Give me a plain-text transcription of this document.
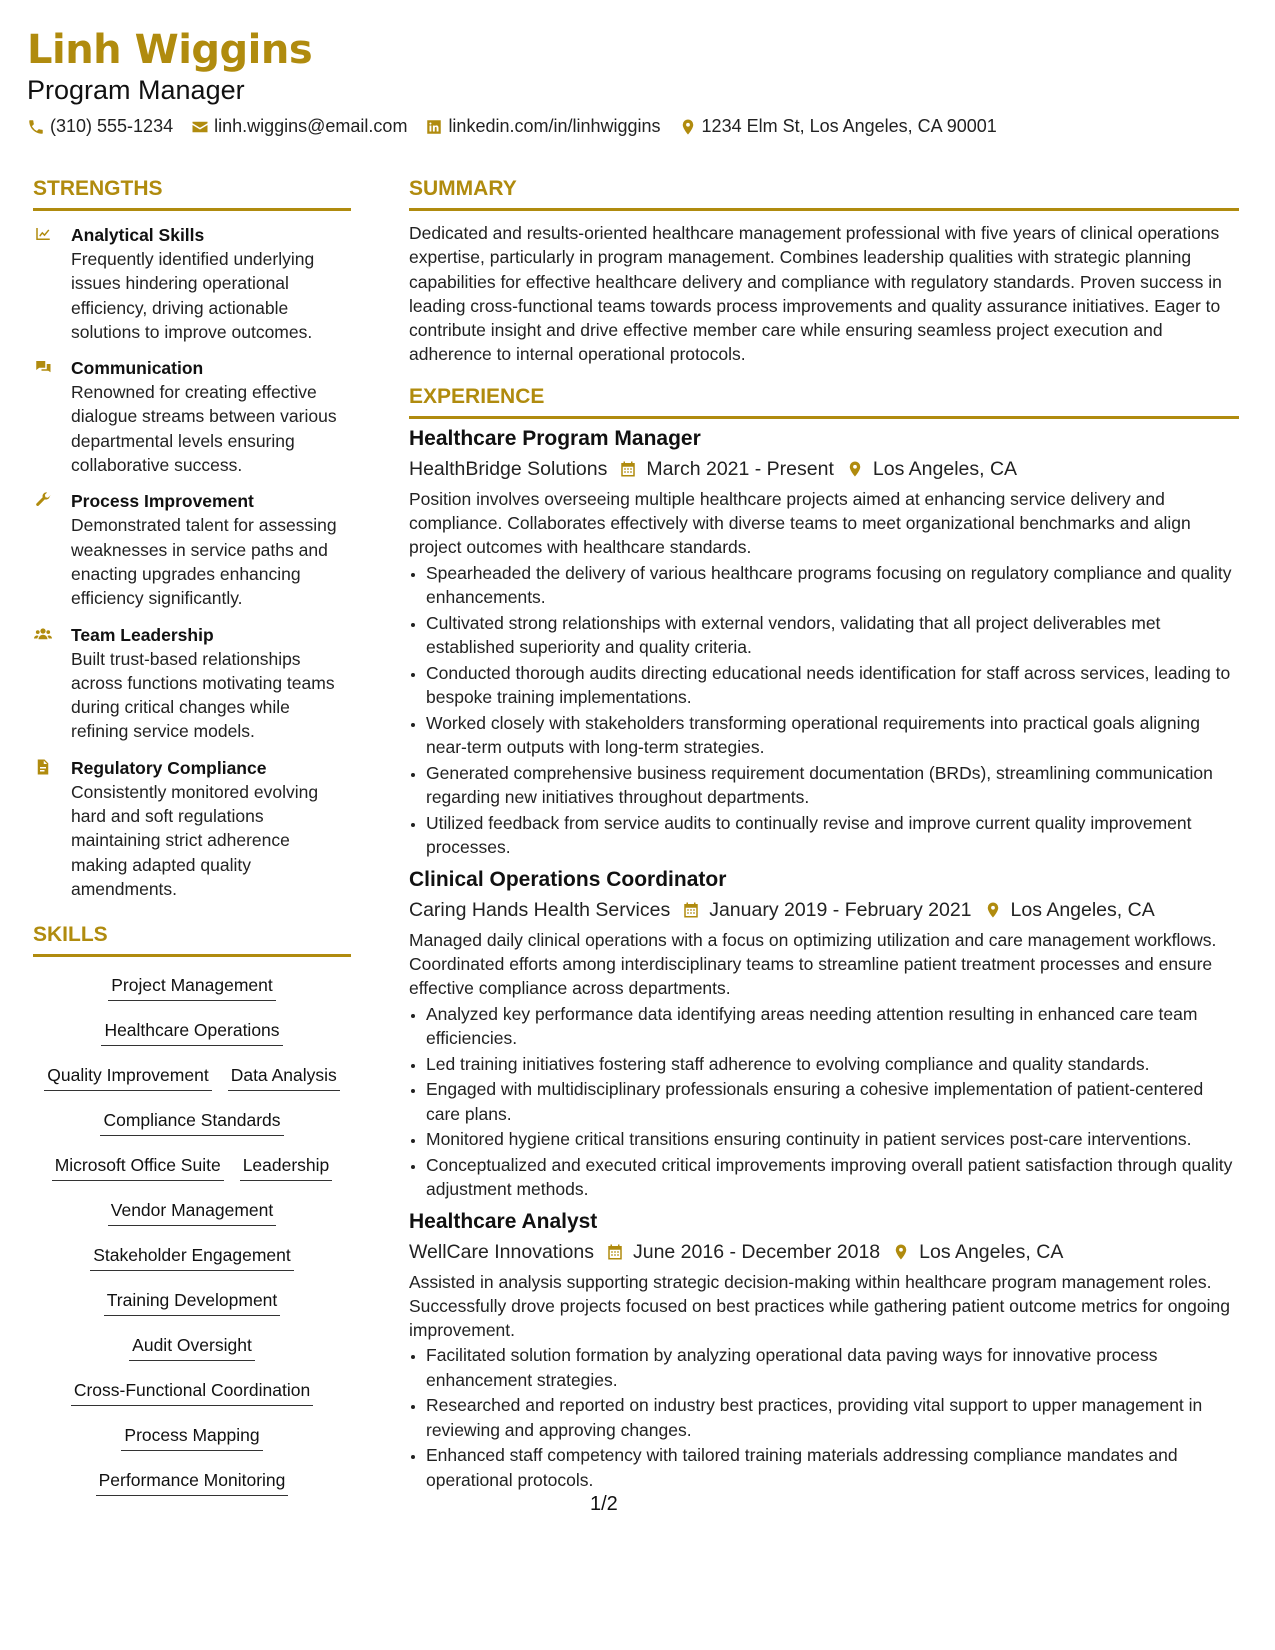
Linh Wiggins
Program Manager
(310) 555-1234 linh.wiggins@email.com linkedin.com/in/linhwiggins 1234 Elm St, Los Angeles, CA 90001
STRENGTHS
Analytical Skills
Frequently identified underlying issues hindering operational efficiency, driving actionable solutions to improve outcomes.
Communication
Renowned for creating effective dialogue streams between various departmental levels ensuring collaborative success.
Process Improvement
Demonstrated talent for assessing weaknesses in service paths and enacting upgrades enhancing efficiency significantly.
Team Leadership
Built trust-based relationships across functions motivating teams during critical changes while refining service models.
Regulatory Compliance
Consistently monitored evolving hard and soft regulations maintaining strict adherence making adapted quality amendments.
SKILLS
Project Management
Healthcare Operations
Quality Improvement Data Analysis
Compliance Standards
Microsoft Office Suite Leadership
Vendor Management
Stakeholder Engagement
Training Development
Audit Oversight
Cross-Functional Coordination
Process Mapping
Performance Monitoring
SUMMARY
Dedicated and results-oriented healthcare management professional with five years of clinical operations expertise, particularly in program management. Combines leadership qualities with strategic planning capabilities for effective healthcare delivery and compliance with regulatory standards. Proven success in leading cross-functional teams towards process improvements and quality assurance initiatives. Eager to contribute insight and drive effective member care while ensuring seamless project execution and adherence to internal operational protocols.
EXPERIENCE
Healthcare Program Manager
HealthBridge Solutions March 2021 - Present Los Angeles, CA
Position involves overseeing multiple healthcare projects aimed at enhancing service delivery and compliance. Collaborates effectively with diverse teams to meet organizational benchmarks and align project outcomes with healthcare standards.
• Spearheaded the delivery of various healthcare programs focusing on regulatory compliance and quality enhancements.
• Cultivated strong relationships with external vendors, validating that all project deliverables met established superiority and quality criteria.
• Conducted thorough audits directing educational needs identification for staff across services, leading to bespoke training implementations.
• Worked closely with stakeholders transforming operational requirements into practical goals aligning near-term outputs with long-term strategies.
• Generated comprehensive business requirement documentation (BRDs), streamlining communication regarding new initiatives throughout departments.
• Utilized feedback from service audits to continually revise and improve current quality improvement processes.
Clinical Operations Coordinator
Caring Hands Health Services January 2019 - February 2021 Los Angeles, CA
Managed daily clinical operations with a focus on optimizing utilization and care management workflows. Coordinated efforts among interdisciplinary teams to streamline patient treatment processes and ensure effective compliance across departments.
• Analyzed key performance data identifying areas needing attention resulting in enhanced care team efficiencies.
• Led training initiatives fostering staff adherence to evolving compliance and quality standards.
• Engaged with multidisciplinary professionals ensuring a cohesive implementation of patient-centered care plans.
• Monitored hygiene critical transitions ensuring continuity in patient services post-care interventions.
• Conceptualized and executed critical improvements improving overall patient satisfaction through quality adjustment methods.
Healthcare Analyst
WellCare Innovations June 2016 - December 2018 Los Angeles, CA
Assisted in analysis supporting strategic decision-making within healthcare program management roles. Successfully drove projects focused on best practices while gathering patient outcome metrics for ongoing improvement.
• Facilitated solution formation by analyzing operational data paving ways for innovative process enhancement strategies.
• Researched and reported on industry best practices, providing vital support to upper management in reviewing and approving changes.
• Enhanced staff competency with tailored training materials addressing compliance mandates and operational protocols.
1/2
